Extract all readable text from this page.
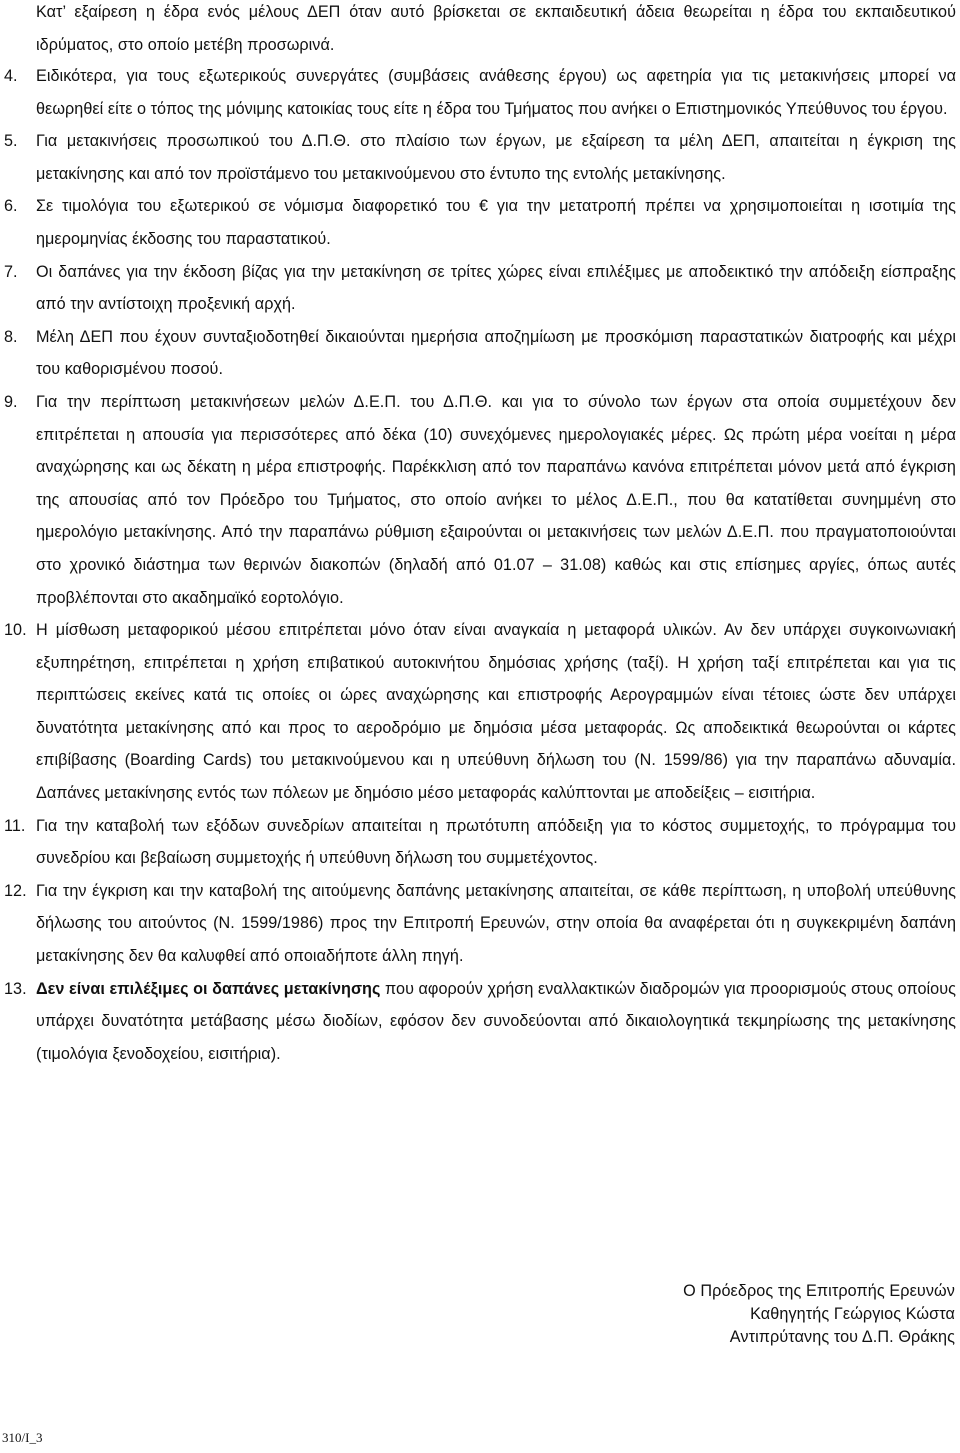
Κατ’ εξαίρεση η έδρα ενός μέλους ΔΕΠ όταν αυτό βρίσκεται σε εκπαιδευτική άδεια θεωρείται η έδρα του εκπαιδευτικού ιδρύματος, στο οποίο μετέβη προσωρινά.

4.	Ειδικότερα, για τους εξωτερικούς συνεργάτες (συμβάσεις ανάθεσης έργου) ως αφετηρία για τις μετακινήσεις μπορεί να θεωρηθεί είτε ο τόπος της μόνιμης κατοικίας τους είτε η έδρα του Τμήματος που ανήκει ο Επιστημονικός Υπεύθυνος του έργου.
5.	Για μετακινήσεις προσωπικού του Δ.Π.Θ. στο πλαίσιο των έργων, με εξαίρεση τα μέλη ΔΕΠ, απαιτείται η έγκριση της μετακίνησης και από τον προϊστάμενο του μετακινούμενου στο έντυπο της εντολής μετακίνησης.
6.	Σε τιμολόγια του εξωτερικού σε νόμισμα διαφορετικό του € για την μετατροπή πρέπει να χρησιμοποιείται η ισοτιμία της ημερομηνίας έκδοσης του παραστατικού.
7.	Οι δαπάνες για την έκδοση βίζας για την μετακίνηση σε τρίτες χώρες είναι επιλέξιμες με αποδεικτικό την απόδειξη είσπραξης από την αντίστοιχη προξενική αρχή.
8.	Μέλη ΔΕΠ που έχουν συνταξιοδοτηθεί δικαιούνται ημερήσια αποζημίωση με προσκόμιση παραστατικών διατροφής και μέχρι του καθορισμένου ποσού.
9.	Για την περίπτωση μετακινήσεων μελών Δ.Ε.Π. του Δ.Π.Θ. και για το σύνολο των έργων στα οποία συμμετέχουν δεν επιτρέπεται η απουσία για περισσότερες από δέκα (10) συνεχόμενες ημερολογιακές μέρες. Ως πρώτη μέρα νοείται η μέρα αναχώρησης και ως δέκατη η μέρα επιστροφής. Παρέκκλιση από τον παραπάνω κανόνα επιτρέπεται μόνον μετά από έγκριση της απουσίας από τον Πρόεδρο του Τμήματος, στο οποίο ανήκει το μέλος Δ.Ε.Π., που θα κατατίθεται συνημμένη στο ημερολόγιο μετακίνησης. Από την παραπάνω ρύθμιση εξαιρούνται οι μετακινήσεις των μελών Δ.Ε.Π. που πραγματοποιούνται στο χρονικό διάστημα των θερινών διακοπών (δηλαδή από 01.07 – 31.08) καθώς και στις επίσημες αργίες, όπως αυτές προβλέπονται στο ακαδημαϊκό εορτολόγιο.
10. Η μίσθωση μεταφορικού μέσου επιτρέπεται μόνο όταν είναι αναγκαία η μεταφορά υλικών. Αν δεν υπάρχει συγκοινωνιακή εξυπηρέτηση, επιτρέπεται η χρήση επιβατικού αυτοκινήτου δημόσιας χρήσης (ταξί). Η χρήση ταξί επιτρέπεται και για τις περιπτώσεις εκείνες κατά τις οποίες οι ώρες αναχώρησης και επιστροφής Αερογραμμών είναι τέτοιες ώστε δεν υπάρχει δυνατότητα μετακίνησης από και προς το αεροδρόμιο με δημόσια μέσα μεταφοράς. Ως αποδεικτικά θεωρούνται οι κάρτες επιβίβασης (Boarding Cards) του μετακινούμενου και η υπεύθυνη δήλωση του (Ν. 1599/86) για την παραπάνω αδυναμία. Δαπάνες μετακίνησης εντός των πόλεων με δημόσιο μέσο μεταφοράς καλύπτονται με αποδείξεις – εισιτήρια.
11. Για την καταβολή των εξόδων συνεδρίων απαιτείται η πρωτότυπη απόδειξη για το κόστος συμμετοχής, το πρόγραμμα του συνεδρίου και βεβαίωση συμμετοχής ή υπεύθυνη δήλωση του συμμετέχοντος.
12. Για την έγκριση και την καταβολή της αιτούμενης δαπάνης μετακίνησης απαιτείται, σε κάθε περίπτωση, η υποβολή υπεύθυνης δήλωσης του αιτούντος (Ν. 1599/1986) προς την Επιτροπή Ερευνών, στην οποία θα αναφέρεται ότι η συγκεκριμένη δαπάνη μετακίνησης δεν θα καλυφθεί από οποιαδήποτε άλλη πηγή.
13. Δεν είναι επιλέξιμες οι δαπάνες μετακίνησης που αφορούν χρήση εναλλακτικών διαδρομών για προορισμούς στους οποίους υπάρχει δυνατότητα μετάβασης μέσω διοδίων, εφόσον δεν συνοδεύονται από δικαιολογητικά τεκμηρίωσης της μετακίνησης (τιμολόγια ξενοδοχείου, εισιτήρια).
Ο Πρόεδρος της Επιτροπής Ερευνών
Καθηγητής Γεώργιος Κώστα
Αντιπρύτανης του Δ.Π. Θράκης
310/Ι_3
